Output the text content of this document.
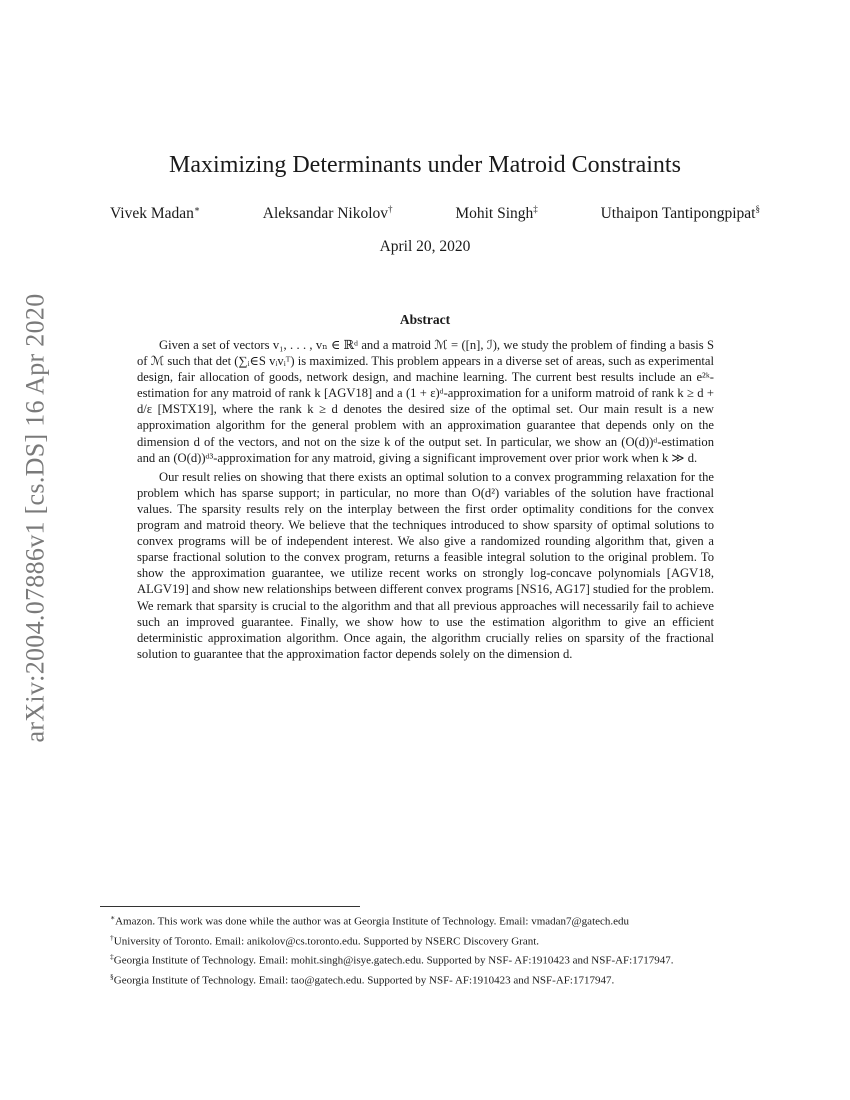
arXiv:2004.07886v1 [cs.DS] 16 Apr 2020
Maximizing Determinants under Matroid Constraints
Vivek Madan∗	Aleksandar Nikolov†	Mohit Singh‡	Uthaipon Tantipongpipat§
April 20, 2020
Abstract

Given a set of vectors v₁, . . . , vₙ ∈ ℝᵈ and a matroid ℳ = ([n], ℐ), we study the problem of finding a basis S of ℳ such that det (∑ᵢ∈S vᵢvᵢᵀ) is maximized. This problem appears in a diverse set of areas, such as experimental design, fair allocation of goods, network design, and machine learning. The current best results include an e²ᵏ-estimation for any matroid of rank k [AGV18] and a (1 + ε)ᵈ-approximation for a uniform matroid of rank k ≥ d + d/ε [MSTX19], where the rank k ≥ d denotes the desired size of the optimal set. Our main result is a new approximation algorithm for the general problem with an approximation guarantee that depends only on the dimension d of the vectors, and not on the size k of the output set. In particular, we show an (O(d))ᵈ-estimation and an (O(d))ᵈ³-approximation for any matroid, giving a significant improvement over prior work when k ≫ d.

Our result relies on showing that there exists an optimal solution to a convex programming relaxation for the problem which has sparse support; in particular, no more than O(d²) variables of the solution have fractional values. The sparsity results rely on the interplay between the first order optimality conditions for the convex program and matroid theory. We believe that the techniques introduced to show sparsity of optimal solutions to convex programs will be of independent interest. We also give a randomized rounding algorithm that, given a sparse fractional solution to the convex program, returns a feasible integral solution to the original problem. To show the approximation guarantee, we utilize recent works on strongly log-concave polynomials [AGV18, ALGV19] and show new relationships between different convex programs [NS16, AG17] studied for the problem. We remark that sparsity is crucial to the algorithm and that all previous approaches will necessarily fail to achieve such an improved guarantee. Finally, we show how to use the estimation algorithm to give an efficient deterministic approximation algorithm. Once again, the algorithm crucially relies on sparsity of the fractional solution to guarantee that the approximation factor depends solely on the dimension d.

∗Amazon. This work was done while the author was at Georgia Institute of Technology. Email: vmadan7@gatech.edu

†University of Toronto. Email: anikolov@cs.toronto.edu. Supported by NSERC Discovery Grant.

‡Georgia Institute of Technology. Email: mohit.singh@isye.gatech.edu. Supported by NSF- AF:1910423 and NSF-AF:1717947.

§Georgia Institute of Technology. Email: tao@gatech.edu. Supported by NSF- AF:1910423 and NSF-AF:1717947.
